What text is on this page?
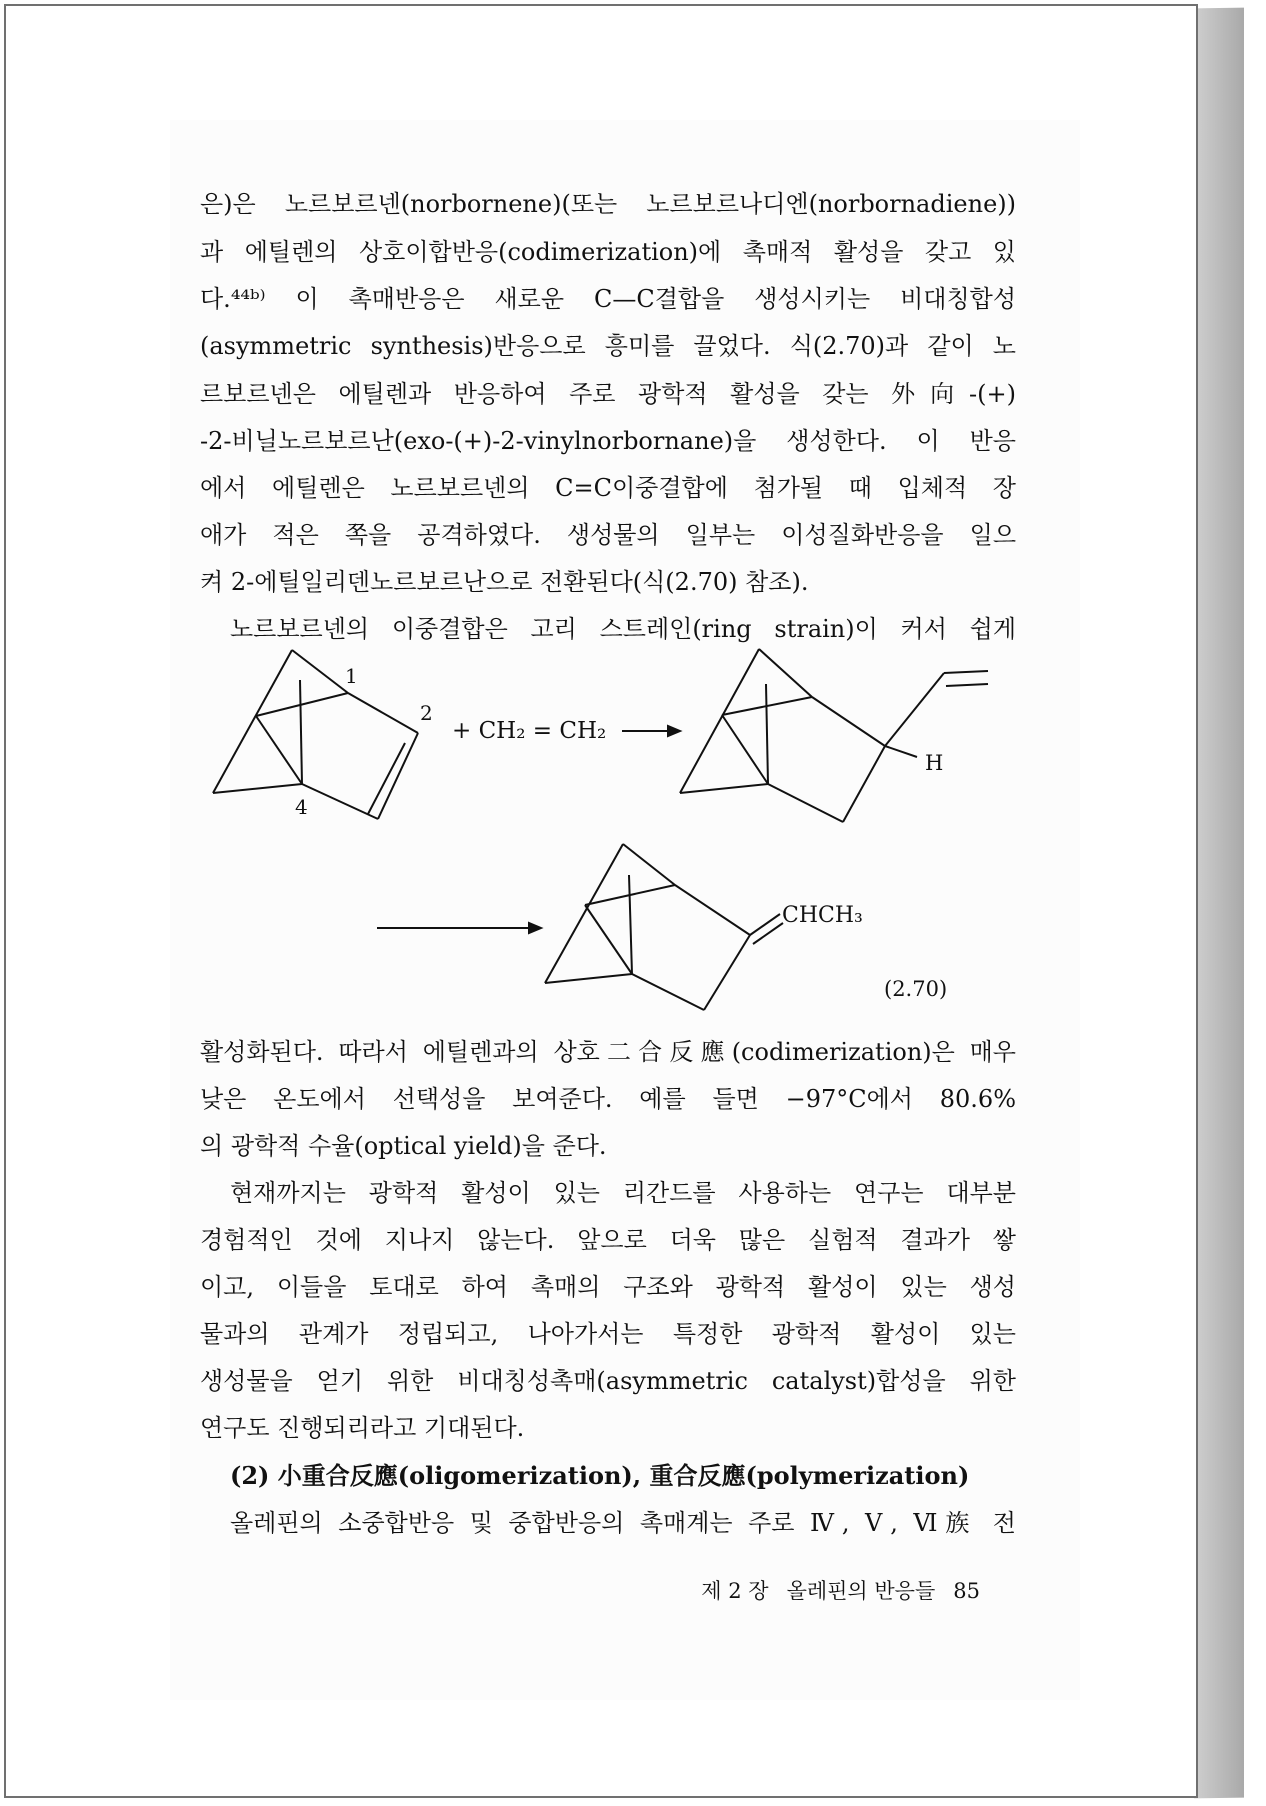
은)은 노르보르넨(norbornene)(또는 노르보르나디엔(norbornadiene))
과 에틸렌의 상호이합반응(codimerization)에 촉매적 활성을 갖고 있
다.⁴⁴ᵇ⁾ 이 촉매반응은 새로운 C—C결합을 생성시키는 비대칭합성
(asymmetric synthesis)반응으로 흥미를 끌었다. 식(2.70)과 같이 노
르보르넨은 에틸렌과 반응하여 주로 광학적 활성을 갖는 外向-(+)
-2-비닐노르보르난(exo-(+)-2-vinylnorbornane)을 생성한다. 이 반응
에서 에틸렌은 노르보르넨의 C=C이중결합에 첨가될 때 입체적 장
애가 적은 쪽을 공격하였다. 생성물의 일부는 이성질화반응을 일으
켜 2-에틸일리덴노르보르난으로 전환된다(식(2.70) 참조).
노르보르넨의 이중결합은 고리 스트레인(ring strain)이 커서 쉽게
1
2
4
+ CH₂ = CH₂
H
CHCH₃
(2.70)
활성화된다. 따라서 에틸렌과의 상호二合反應(codimerization)은 매우
낮은 온도에서 선택성을 보여준다. 예를 들면 −97°C에서 80.6%
의 광학적 수율(optical yield)을 준다.
현재까지는 광학적 활성이 있는 리간드를 사용하는 연구는 대부분
경험적인 것에 지나지 않는다. 앞으로 더욱 많은 실험적 결과가 쌓
이고, 이들을 토대로 하여 촉매의 구조와 광학적 활성이 있는 생성
물과의 관계가 정립되고, 나아가서는 특정한 광학적 활성이 있는
생성물을 얻기 위한 비대칭성촉매(asymmetric catalyst)합성을 위한
연구도 진행되리라고 기대된다.
(2) 小重合反應(oligomerization), 重合反應(polymerization)
올레핀의 소중합반응 및 중합반응의 촉매계는 주로 Ⅳ, Ⅴ, Ⅵ族 전
제 2 장 올레핀의 반응들 85
